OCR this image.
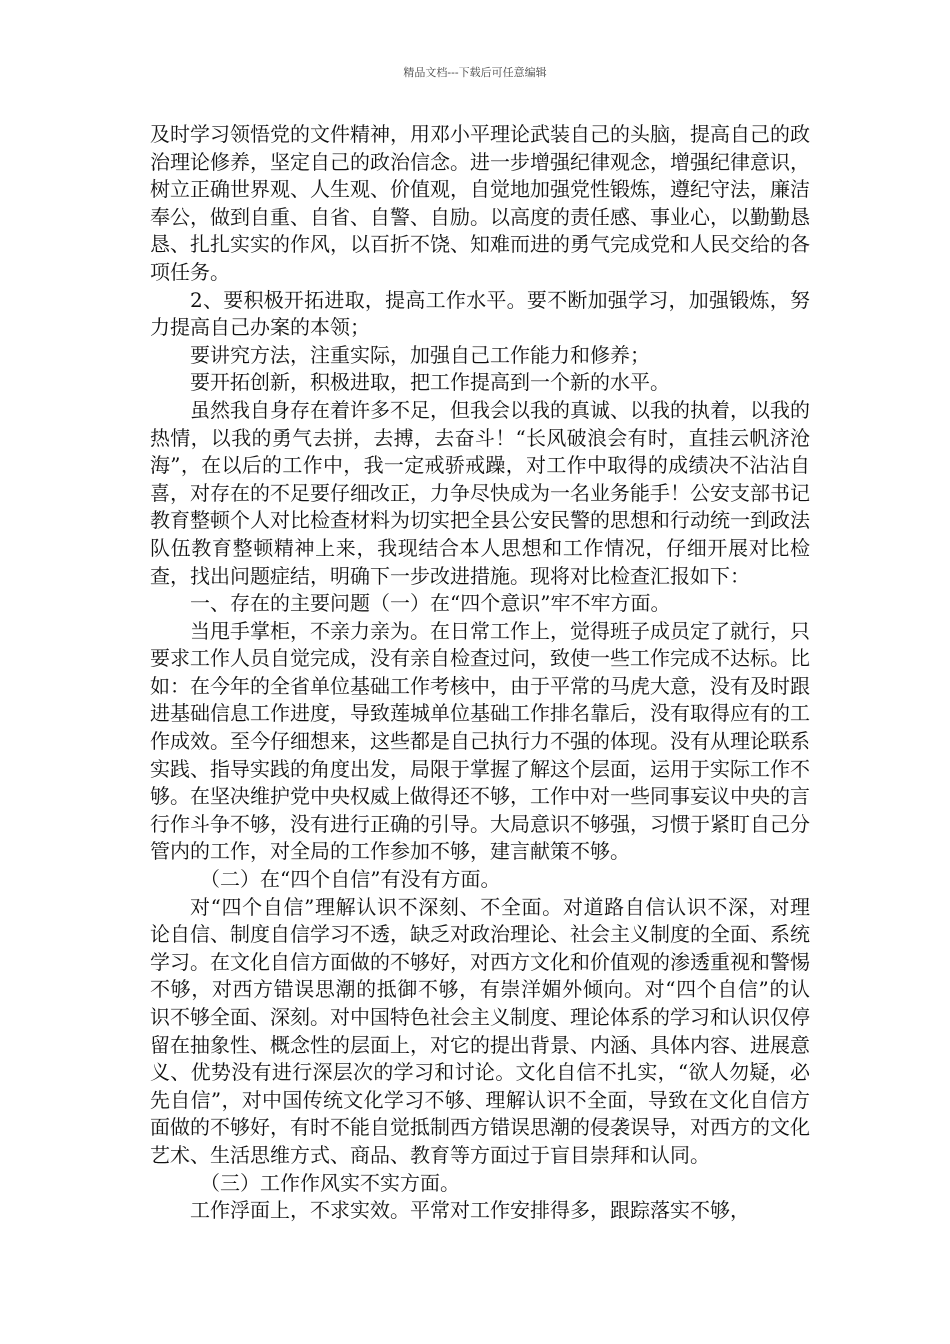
精品文档---下载后可任意编辑

及时学习领悟党的文件精神，用邓小平理论武装自己的头脑，提高自己的政治理论修养，坚定自己的政治信念。进一步增强纪律观念，增强纪律意识，树立正确世界观、人生观、价值观，自觉地加强党性锻炼，遵纪守法，廉洁奉公，做到自重、自省、自警、自励。以高度的责任感、事业心，以勤勤恳恳、扎扎实实的作风，以百折不饶、知难而进的勇气完成党和人民交给的各项任务。

2、要积极开拓进取，提高工作水平。要不断加强学习，加强锻炼，努力提高自己办案的本领；

要讲究方法，注重实际，加强自己工作能力和修养；

要开拓创新，积极进取，把工作提高到一个新的水平。

虽然我自身存在着许多不足，但我会以我的真诚、以我的执着，以我的热情，以我的勇气去拼，去搏，去奋斗！“长风破浪会有时，直挂云帆济沧海”，在以后的工作中，我一定戒骄戒躁，对工作中取得的成绩决不沾沾自喜，对存在的不足要仔细改正，力争尽快成为一名业务能手！公安支部书记教育整顿个人对比检查材料为切实把全县公安民警的思想和行动统一到政法队伍教育整顿精神上来，我现结合本人思想和工作情况，仔细开展对比检查，找出问题症结，明确下一步改进措施。现将对比检查汇报如下：

一、存在的主要问题（一）在“四个意识”牢不牢方面。

当甩手掌柜，不亲力亲为。在日常工作上，觉得班子成员定了就行，只要求工作人员自觉完成，没有亲自检查过问，致使一些工作完成不达标。比如：在今年的全省单位基础工作考核中，由于平常的马虎大意，没有及时跟进基础信息工作进度，导致莲城单位基础工作排名靠后，没有取得应有的工作成效。至今仔细想来，这些都是自己执行力不强的体现。没有从理论联系实践、指导实践的角度出发，局限于掌握了解这个层面，运用于实际工作不够。在坚决维护党中央权威上做得还不够，工作中对一些同事妄议中央的言行作斗争不够，没有进行正确的引导。大局意识不够强，习惯于紧盯自己分管内的工作，对全局的工作参加不够，建言献策不够。

（二）在“四个自信”有没有方面。

对“四个自信”理解认识不深刻、不全面。对道路自信认识不深，对理论自信、制度自信学习不透，缺乏对政治理论、社会主义制度的全面、系统学习。在文化自信方面做的不够好，对西方文化和价值观的渗透重视和警惕不够，对西方错误思潮的抵御不够，有崇洋媚外倾向。对“四个自信”的认识不够全面、深刻。对中国特色社会主义制度、理论体系的学习和认识仅停留在抽象性、概念性的层面上，对它的提出背景、内涵、具体内容、进展意义、优势没有进行深层次的学习和讨论。文化自信不扎实，“欲人勿疑，必先自信”，对中国传统文化学习不够、理解认识不全面，导致在文化自信方面做的不够好，有时不能自觉抵制西方错误思潮的侵袭误导，对西方的文化艺术、生活思维方式、商品、教育等方面过于盲目崇拜和认同。

（三）工作作风实不实方面。

工作浮面上，不求实效。平常对工作安排得多，跟踪落实不够，
